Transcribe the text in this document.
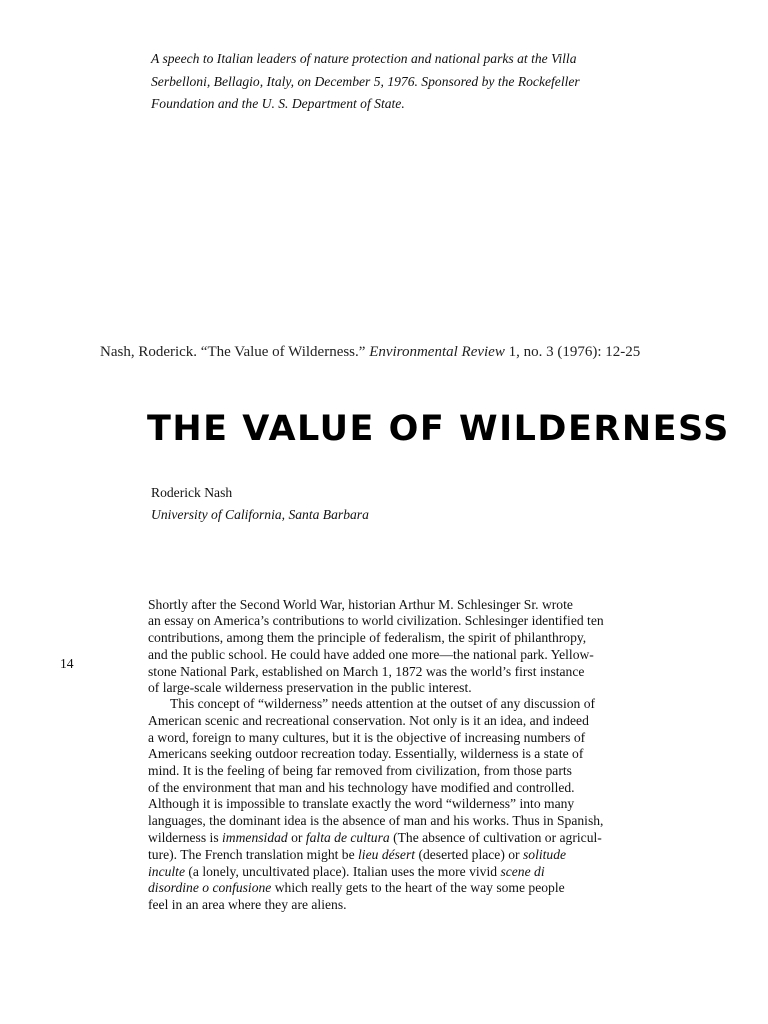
A speech to Italian leaders of nature protection and national parks at the Villa
Serbelloni, Bellagio, Italy, on December 5, 1976. Sponsored by the Rockefeller
Foundation and the U. S. Department of State.
Nash, Roderick. “The Value of Wilderness.” Environmental Review 1, no. 3 (1976): 12-25
THE VALUE OF WILDERNESS
Roderick Nash
University of California, Santa Barbara
14
Shortly after the Second World War, historian Arthur M. Schlesinger Sr. wrote
an essay on America’s contributions to world civilization. Schlesinger identified ten
contributions, among them the principle of federalism, the spirit of philanthropy,
and the public school. He could have added one more—the national park. Yellow-
stone National Park, established on March 1, 1872 was the world’s first instance
of large-scale wilderness preservation in the public interest.
This concept of “wilderness” needs attention at the outset of any discussion of
American scenic and recreational conservation. Not only is it an idea, and indeed
a word, foreign to many cultures, but it is the objective of increasing numbers of
Americans seeking outdoor recreation today. Essentially, wilderness is a state of
mind. It is the feeling of being far removed from civilization, from those parts
of the environment that man and his technology have modified and controlled.
Although it is impossible to translate exactly the word “wilderness” into many
languages, the dominant idea is the absence of man and his works. Thus in Spanish,
wilderness is immensidad or falta de cultura (The absence of cultivation or agricul-
ture). The French translation might be lieu désert (deserted place) or solitude
inculte (a lonely, uncultivated place). Italian uses the more vivid scene di
disordine o confusione which really gets to the heart of the way some people
feel in an area where they are aliens.
